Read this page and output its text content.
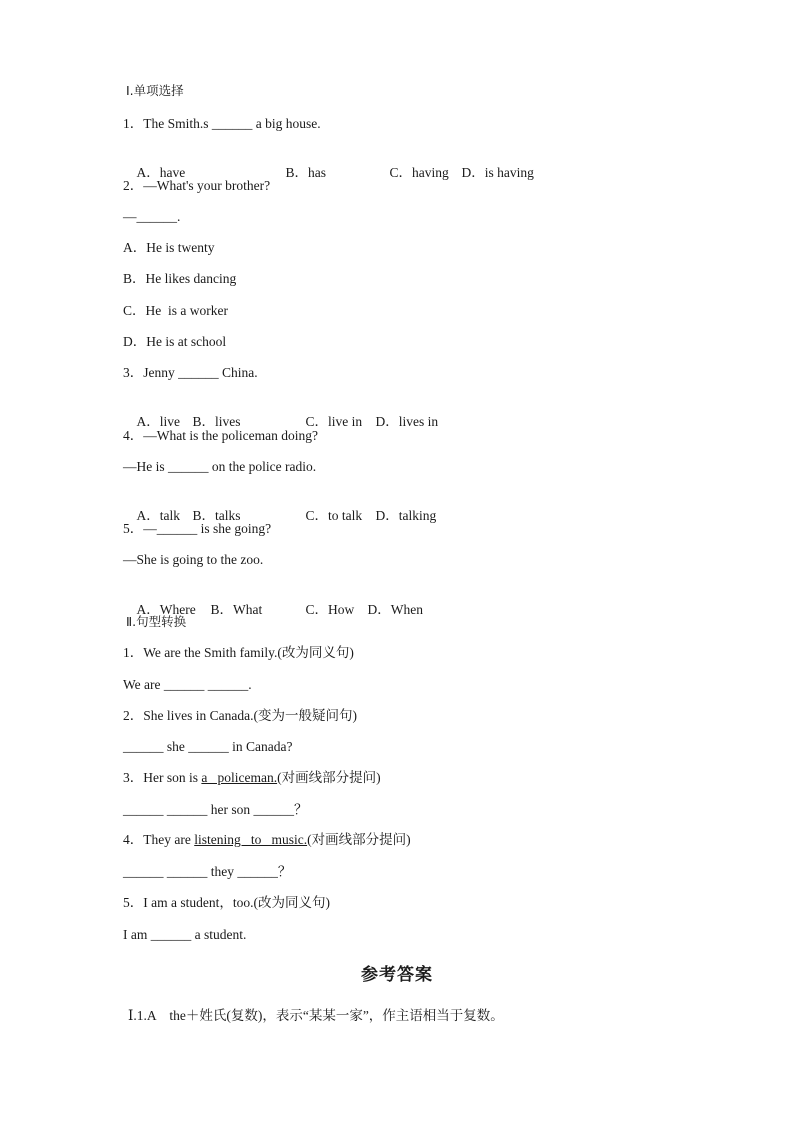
Ⅰ.单项选择
1．The Smith.s ______ a big house.

A．have	B．has	C．having D．is having

2．—What's your brother?
—______.
A．He is twenty
B．He likes dancing
C．He  is a worker
D．He is at school
3．Jenny ______ China.

A．live B．lives	C．live in D．lives in

4．—What is the policeman doing?
—He is ______ on the police radio.

A．talk B．talks	C．to talk D．talking

5．—______ is she going?
—She is going to the zoo.

A．Where B．What	C．How D．When

Ⅱ.句型转换
1．We are the Smith family.(改为同义句)
We are ______ ______.
2．She lives in Canada.(变为一般疑问句)
______ she ______ in Canada?
3．Her son is a   policeman.(对画线部分提问)
______ ______ her son ______？
4．They are listening   to   music.(对画线部分提问)
______ ______ they ______？
5．I am a student，too.(改为同义句)
I am ______ a student.
参考答案
Ⅰ.1.A　the＋姓氏(复数)，表示“某某一家”，作主语相当于复数。
